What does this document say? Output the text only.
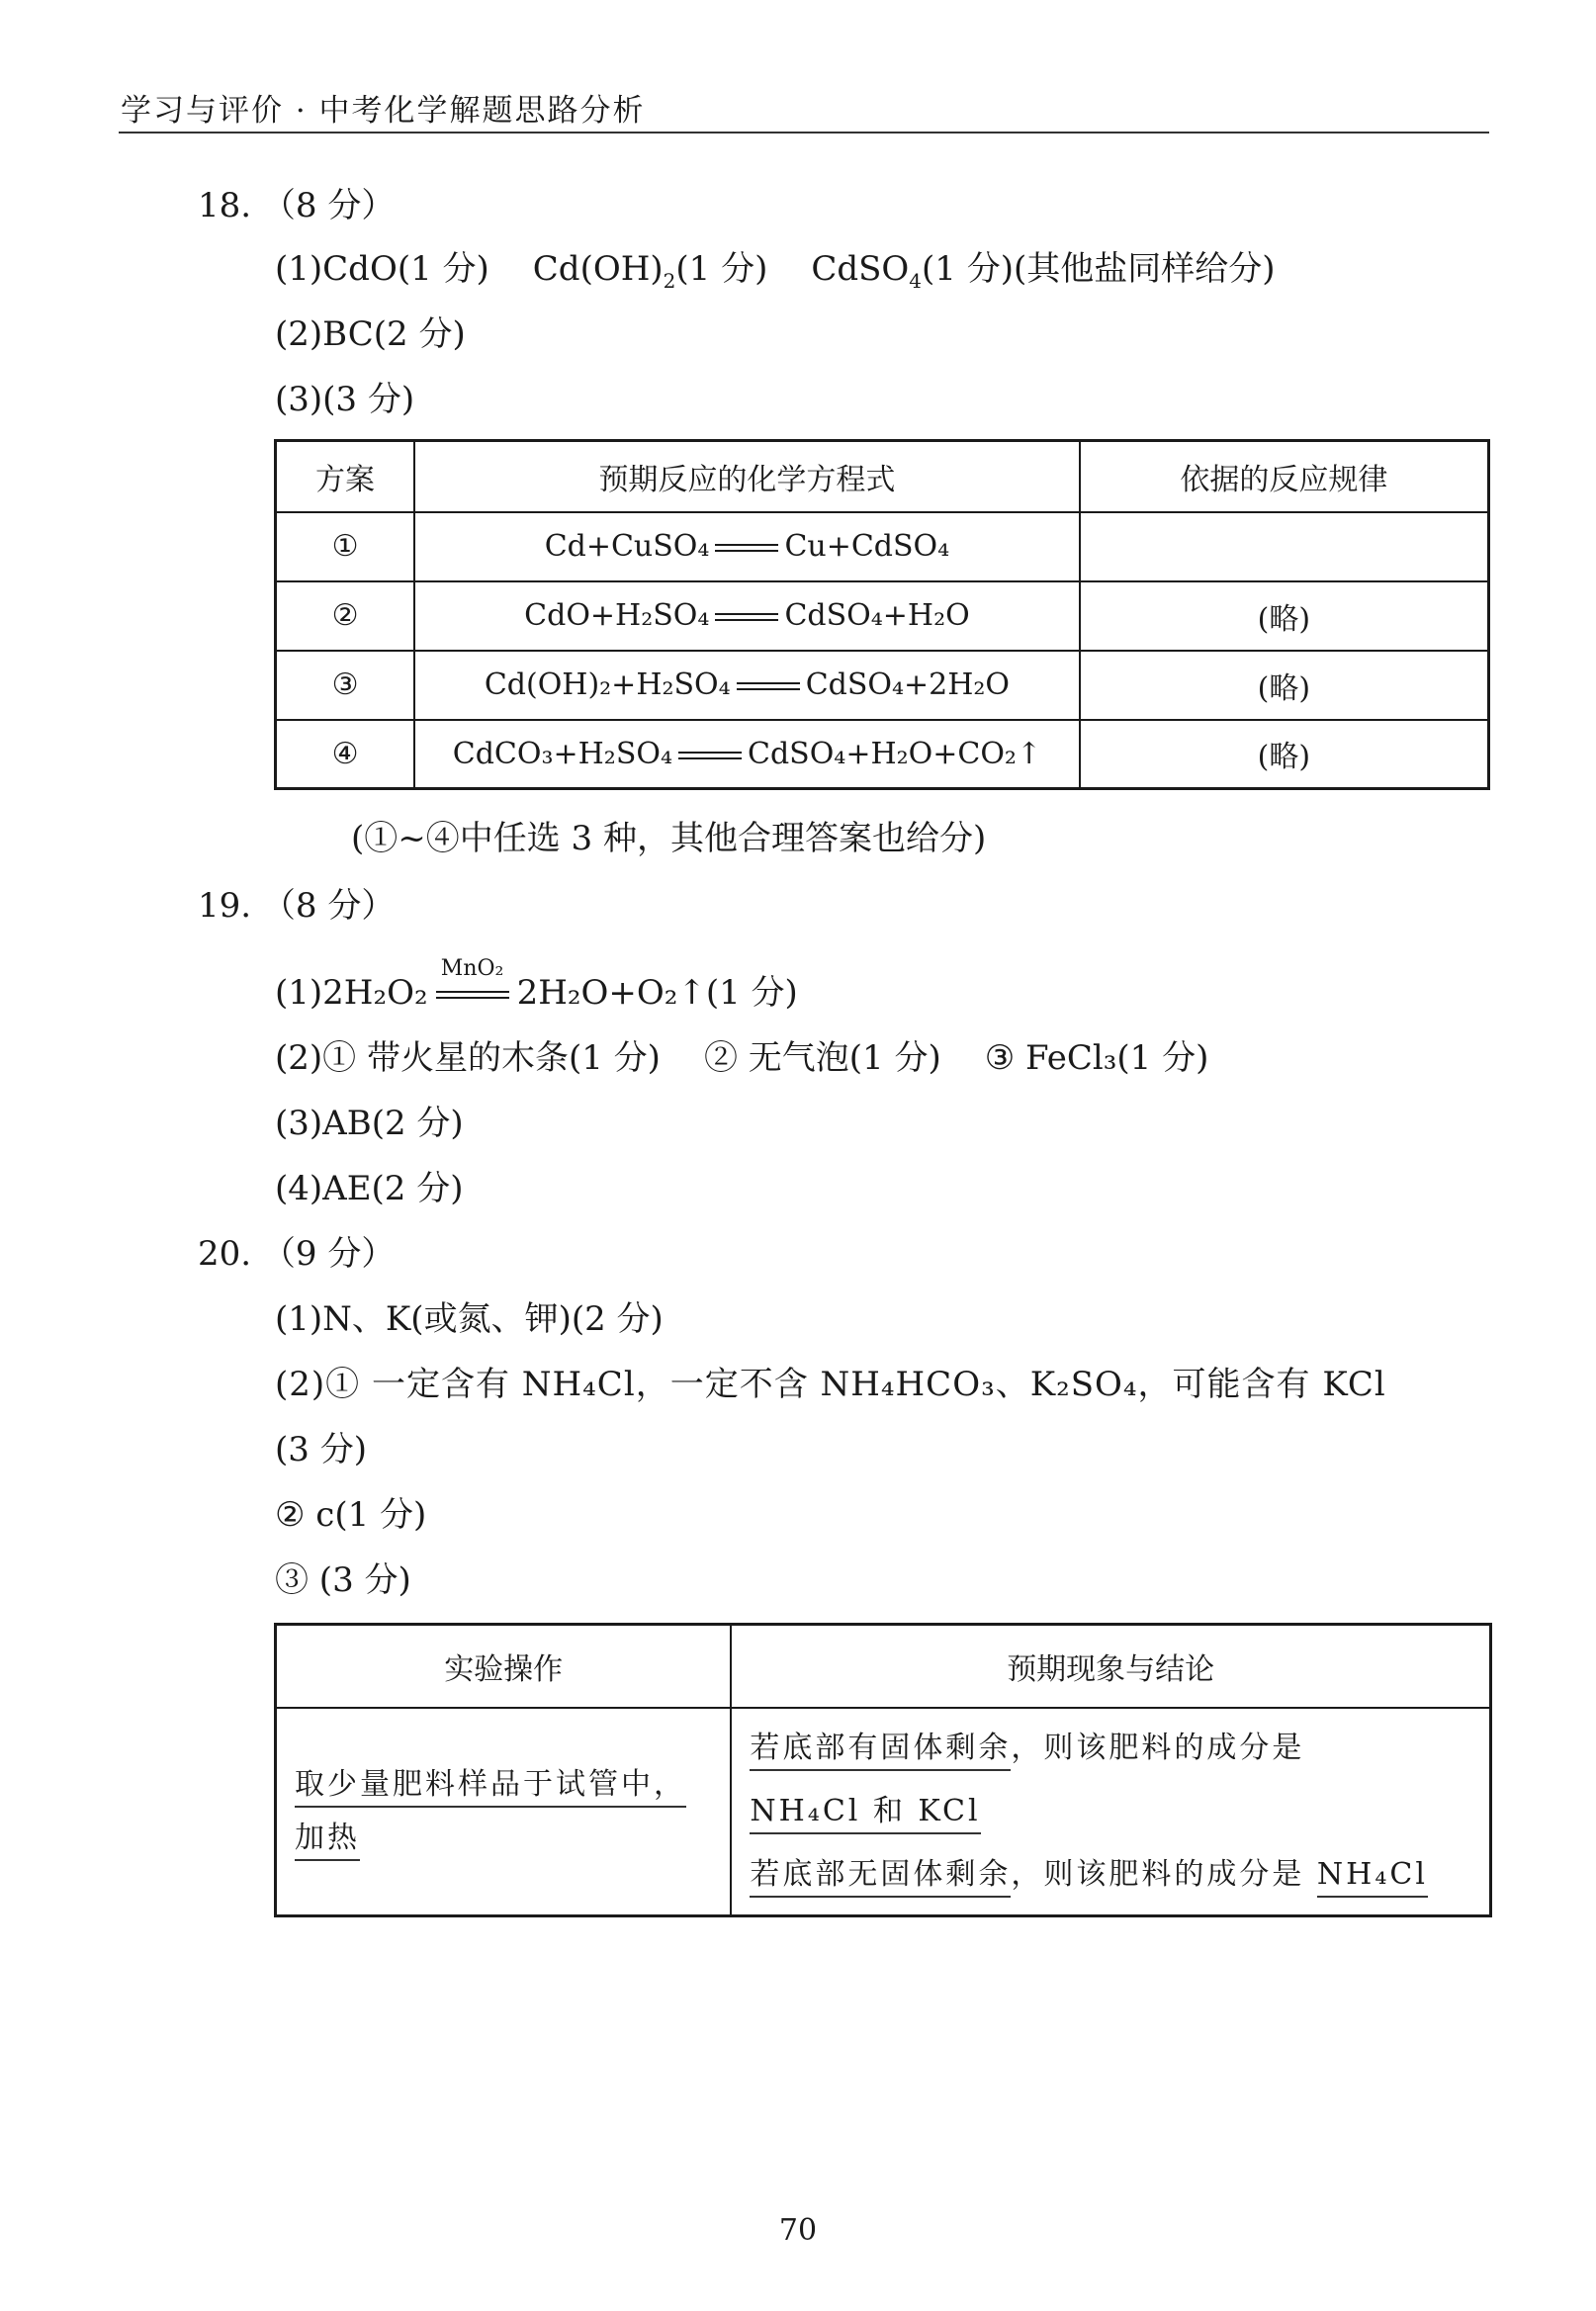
学习与评价 · 中考化学解题思路分析
18. （8 分）
(1)CdO(1 分) $Cd(OH)_2(1$ 分) CdSO$_4$(1 分)(其他盐同样给分)
(2)BC(2 分)
(3)(3 分)
方案	预期反应的化学方程式	依据的反应规律
①	Cd+CuSO₄ Cu+CdSO₄	
②	CdO+H₂SO₄ CdSO₄+H₂O	(略)
③	Cd(OH)₂+H₂SO₄ CdSO₄+2H₂O	(略)
④	CdCO₃+H₂SO₄ CdSO₄+H₂O+CO₂↑	(略)
(①~④中任选 3 种，其他合理答案也给分)
19. （8 分）
(1)2H₂O₂
MnO₂
2H₂O+O₂↑(1 分)
(2)① 带火星的木条(1 分) ② 无气泡(1 分) ③ FeCl₃(1 分)
(3)AB(2 分)
(4)AE(2 分)
20. （9 分）
(1)N、K(或氮、钾)(2 分)
(2)① 一定含有 NH₄Cl，一定不含 NH₄HCO₃、K₂SO₄，可能含有 KCl
(3 分)
② c(1 分)
③ (3 分)
实验操作	预期现象与结论

取少量肥料样品于试管中，
加热	若底部有固体剩余，则该肥料的成分是
NH₄Cl 和 KCl
若底部无固体剩余，则该肥料的成分是 NH₄Cl
70
